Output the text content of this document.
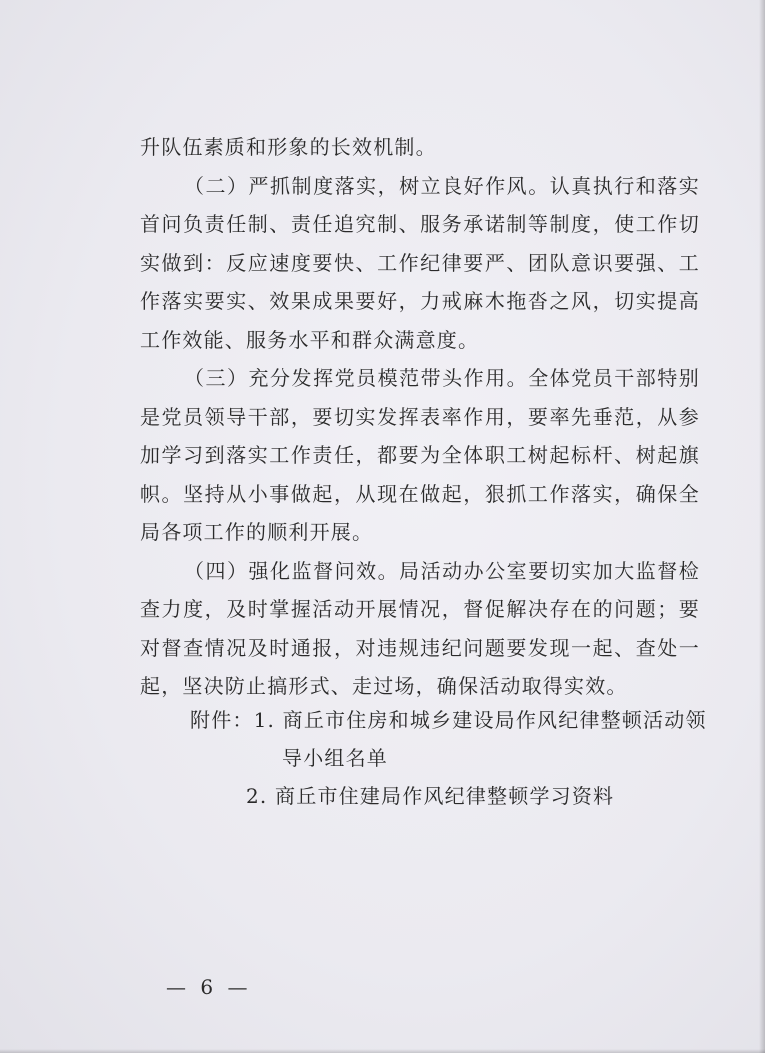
升队伍素质和形象的长效机制。

（二）严抓制度落实，树立良好作风。认真执行和落实首问负责任制、责任追究制、服务承诺制等制度，使工作切实做到：反应速度要快、工作纪律要严、团队意识要强、工作落实要实、效果成果要好，力戒麻木拖沓之风，切实提高工作效能、服务水平和群众满意度。

（三）充分发挥党员模范带头作用。全体党员干部特别是党员领导干部，要切实发挥表率作用，要率先垂范，从参加学习到落实工作责任，都要为全体职工树起标杆、树起旗帜。坚持从小事做起，从现在做起，狠抓工作落实，确保全局各项工作的顺利开展。

（四）强化监督问效。局活动办公室要切实加大监督检查力度，及时掌握活动开展情况，督促解决存在的问题；要对督查情况及时通报，对违规违纪问题要发现一起、查处一起，坚决防止搞形式、走过场，确保活动取得实效。

附件：1. 商丘市住房和城乡建设局作风纪律整顿活动领
导小组名单
2. 商丘市住建局作风纪律整顿学习资料
— 6 —
